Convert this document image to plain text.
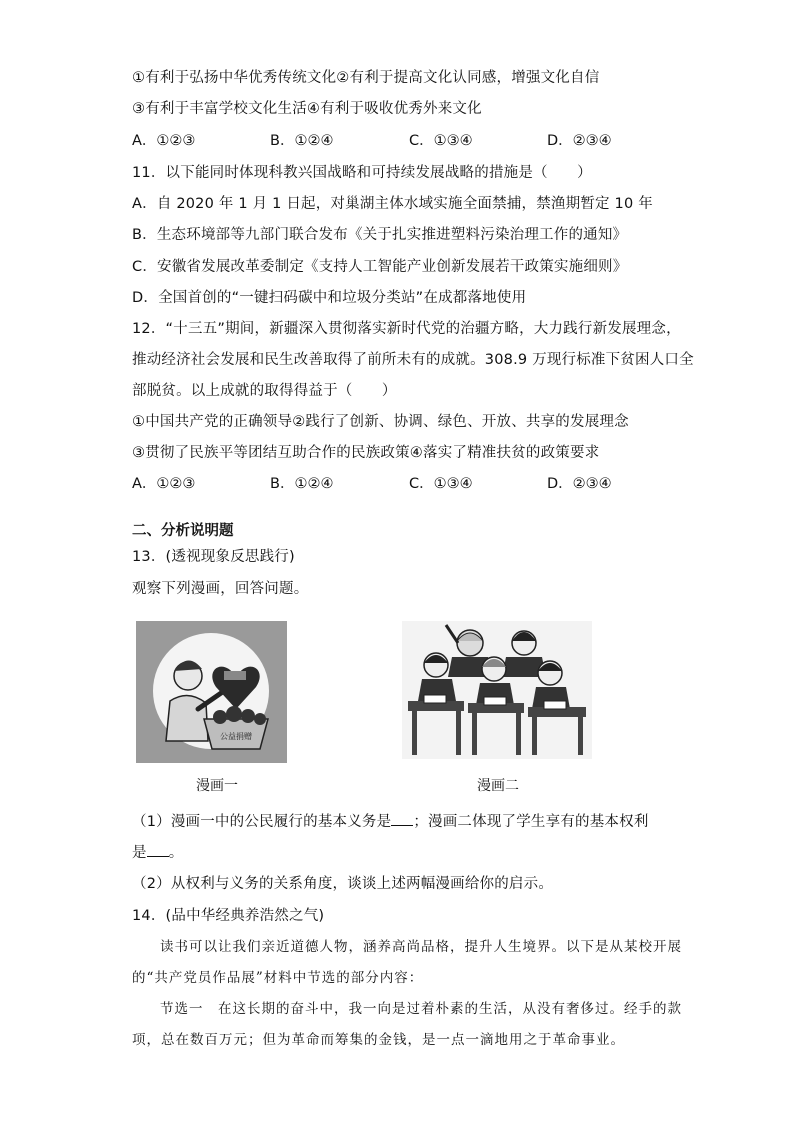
①有利于弘扬中华优秀传统文化②有利于提高文化认同感，增强文化自信
③有利于丰富学校文化生活④有利于吸收优秀外来文化
A．①②③	B．①②④	C．①③④	D．②③④
11．以下能同时体现科教兴国战略和可持续发展战略的措施是（　　）
A．自 2020 年 1 月 1 日起，对巢湖主体水域实施全面禁捕，禁渔期暂定 10 年
B．生态环境部等九部门联合发布《关于扎实推进塑料污染治理工作的通知》
C．安徽省发展改革委制定《支持人工智能产业创新发展若干政策实施细则》
D．全国首创的“一键扫码碳中和垃圾分类站”在成都落地使用
12．“十三五”期间，新疆深入贯彻落实新时代党的治疆方略，大力践行新发展理念，
推动经济社会发展和民生改善取得了前所未有的成就。308.9 万现行标准下贫困人口全
部脱贫。以上成就的取得得益于（　　）
①中国共产党的正确领导②践行了创新、协调、绿色、开放、共享的发展理念
③贯彻了民族平等团结互助合作的民族政策④落实了精准扶贫的政策要求
A．①②③	B．①②④	C．①③④	D．②③④
二、分析说明题
13．(透视现象反思践行)
观察下列漫画，回答问题。
公益捐赠
漫画一	漫画二
（1）漫画一中的公民履行的基本义务是 ；漫画二体现了学生享有的基本权利
是 。
（2）从权利与义务的关系角度，谈谈上述两幅漫画给你的启示。
14．(品中华经典养浩然之气)
读书可以让我们亲近道德人物，涵养高尚品格，提升人生境界。以下是从某校开展
的“共产党员作品展”材料中节选的部分内容：
节选一　在这长期的奋斗中，我一向是过着朴素的生活，从没有奢侈过。经手的款
项，总在数百万元；但为革命而筹集的金钱，是一点一滴地用之于革命事业。
